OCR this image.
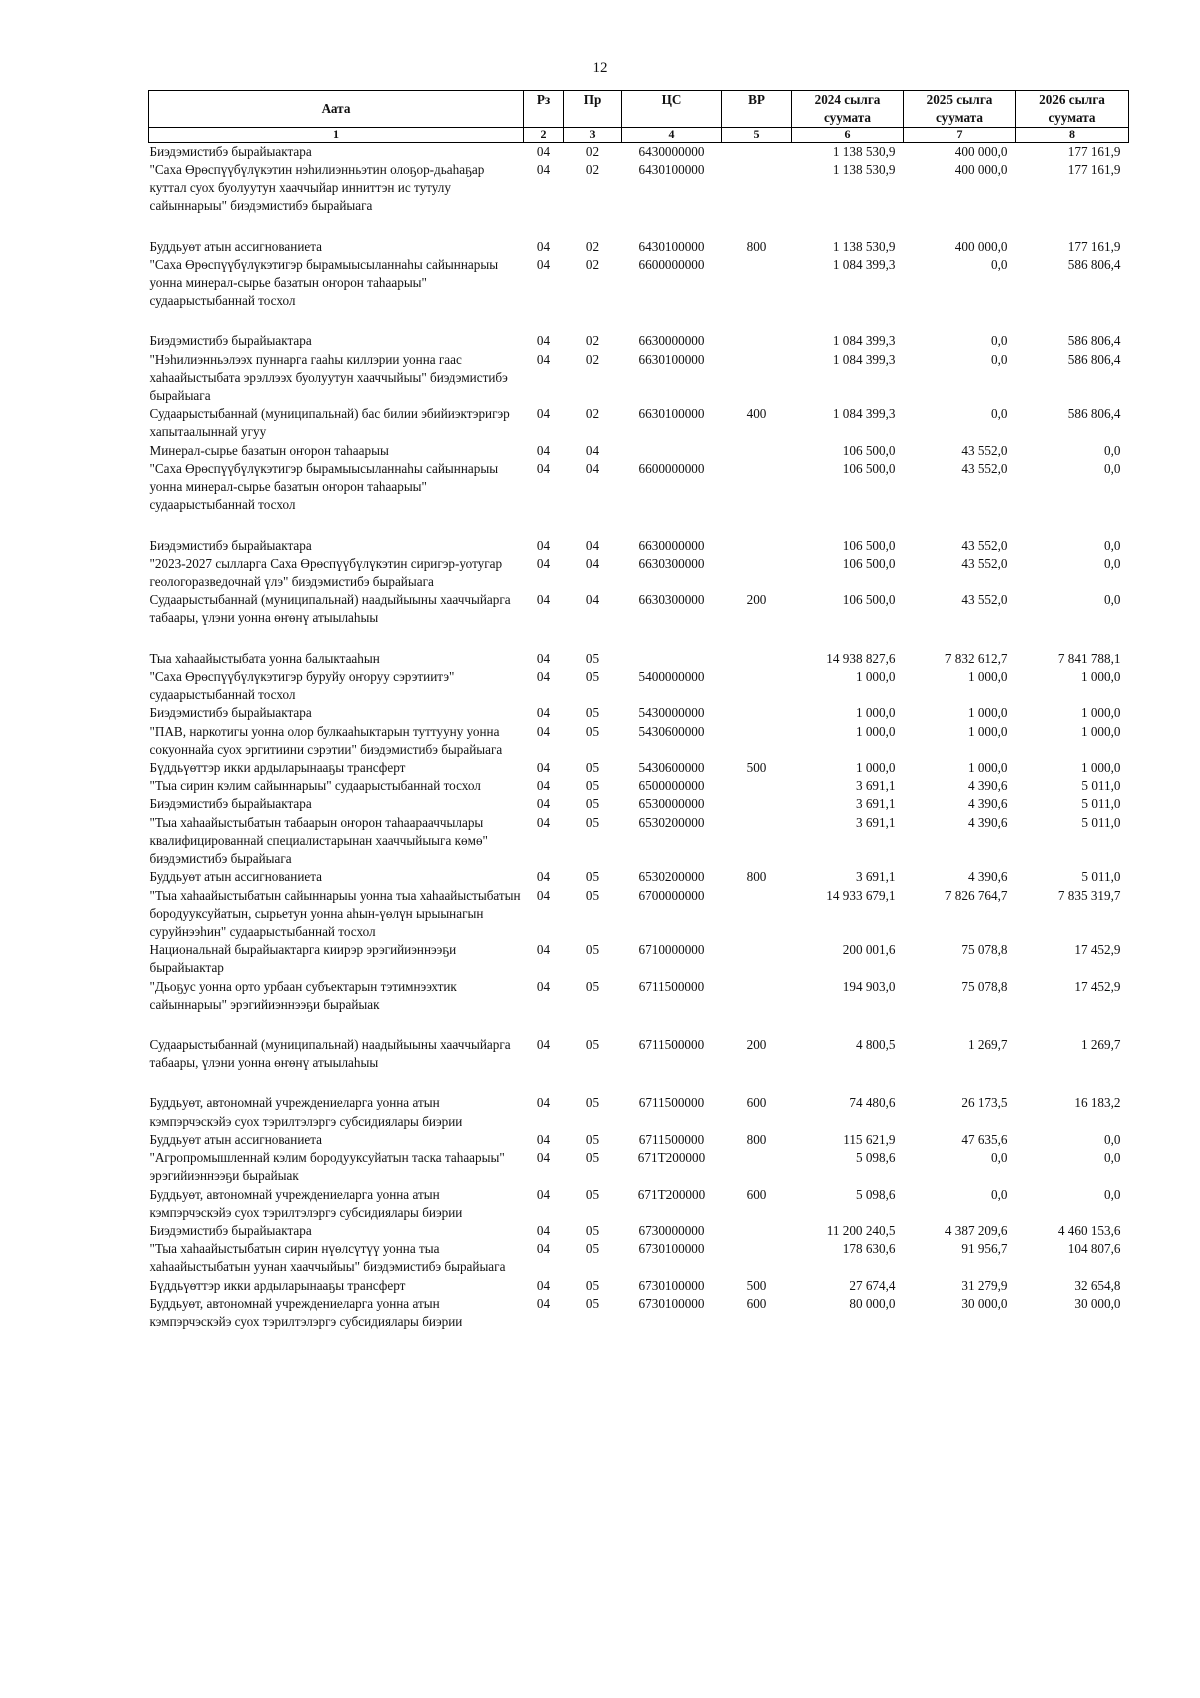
12
Аата	Рз	Пр	ЦС	ВР	2024 сылга суумата	2025 сылга суумата	2026 сылга суумата
1	2	3	4	5	6	7	8
Биэдэмистибэ бырайыактара	04	02	6430000000		1 138 530,9	400 000,0	177 161,9
"Саха Өрөспүүбүлүкэтин нэһилиэнньэтин олоҕор-дьаһаҕар куттал суох буолуутун хааччыйар инниттэн ис тутулу сайыннарыы" биэдэмистибэ бырайыага	04	02	6430100000		1 138 530,9	400 000,0	177 161,9
Буддьуөт атын ассигнованиета	04	02	6430100000	800	1 138 530,9	400 000,0	177 161,9
"Саха Өрөспүүбүлүкэтигэр бырамыысыланнаһы сайыннарыы уонна минерал-сырье базатын оҥорон таһаарыы" судаарыстыбаннай тосхол	04	02	6600000000		1 084 399,3	0,0	586 806,4
Биэдэмистибэ бырайыактара	04	02	6630000000		1 084 399,3	0,0	586 806,4
"Нэһилиэнньэлээх пуннарга гааһы киллэрии уонна гаас хаһаайыстыбата эрэллээх буолуутун хааччыйыы" биэдэмистибэ бырайыага	04	02	6630100000		1 084 399,3	0,0	586 806,4
Судаарыстыбаннай (муниципальнай) бас билии эбийиэктэригэр хапытаалыннай угуу	04	02	6630100000	400	1 084 399,3	0,0	586 806,4
Минерал-сырье базатын оҥорон таһаарыы	04	04			106 500,0	43 552,0	0,0
"Саха Өрөспүүбүлүкэтигэр бырамыысыланнаһы сайыннарыы уонна минерал-сырье базатын оҥорон таһаарыы" судаарыстыбаннай тосхол	04	04	6600000000		106 500,0	43 552,0	0,0
Биэдэмистибэ бырайыактара	04	04	6630000000		106 500,0	43 552,0	0,0
"2023-2027 сылларга Саха Өрөспүүбүлүкэтин сиригэр-уотугар геологоразведочнай үлэ" биэдэмистибэ бырайыага	04	04	6630300000		106 500,0	43 552,0	0,0
Судаарыстыбаннай (муниципальнай) наадыйыыны хааччыйарга табаары, үлэни уонна өҥөнү атыылаһыы	04	04	6630300000	200	106 500,0	43 552,0	0,0
Тыа хаһаайыстыбата уонна балыктааһын	04	05			14 938 827,6	7 832 612,7	7 841 788,1
"Саха Өрөспүүбүлүкэтигэр буруйу оҥоруу сэрэтиитэ" судаарыстыбаннай тосхол	04	05	5400000000		1 000,0	1 000,0	1 000,0
Биэдэмистибэ бырайыактара	04	05	5430000000		1 000,0	1 000,0	1 000,0
"ПАВ, наркотигы уонна олор булкааһыктарын туттууну уонна сокуоннайа суох эргитиини сэрэтии" биэдэмистибэ бырайыага	04	05	5430600000		1 000,0	1 000,0	1 000,0
Бүддьүөттэр икки ардыларынааҕы трансферт	04	05	5430600000	500	1 000,0	1 000,0	1 000,0
"Тыа сирин кэлим сайыннарыы" судаарыстыбаннай тосхол	04	05	6500000000		3 691,1	4 390,6	5 011,0
Биэдэмистибэ бырайыактара	04	05	6530000000		3 691,1	4 390,6	5 011,0
"Тыа хаһаайыстыбатын табаарын оҥорон таһаарааччылары квалифицированнай специалистарынан хааччыйыыга көмө" биэдэмистибэ бырайыага	04	05	6530200000		3 691,1	4 390,6	5 011,0
Буддьуөт атын ассигнованиета	04	05	6530200000	800	3 691,1	4 390,6	5 011,0
"Тыа хаһаайыстыбатын сайыннарыы уонна тыа хаһаайыстыбатын бородууксуйатын, сырьетун уонна аһын-үөлүн ырыынагын суруйнээһин" судаарыстыбаннай тосхол	04	05	6700000000		14 933 679,1	7 826 764,7	7 835 319,7
Национальнай бырайыактарга киирэр эрэгийиэннээҕи бырайыактар	04	05	6710000000		200 001,6	75 078,8	17 452,9
"Дьоҕус уонна орто урбаан субъектарын тэтимнээхтик сайыннарыы" эрэгийиэннээҕи бырайыак	04	05	6711500000		194 903,0	75 078,8	17 452,9
Судаарыстыбаннай (муниципальнай) наадыйыыны хааччыйарга табаары, үлэни уонна өҥөнү атыылаһыы	04	05	6711500000	200	4 800,5	1 269,7	1 269,7
Буддьуөт, автономнай учреждениеларга уонна атын кэмпэрчэскэйэ суох тэрилтэлэргэ субсидиялары биэрии	04	05	6711500000	600	74 480,6	26 173,5	16 183,2
Буддьуөт атын ассигнованиета	04	05	6711500000	800	115 621,9	47 635,6	0,0
"Агропромышленнай кэлим бородууксуйатын таска таһаарыы" эрэгийиэннээҕи бырайыак	04	05	671T200000		5 098,6	0,0	0,0
Буддьуөт, автономнай учреждениеларга уонна атын кэмпэрчэскэйэ суох тэрилтэлэргэ субсидиялары биэрии	04	05	671T200000	600	5 098,6	0,0	0,0
Биэдэмистибэ бырайыактара	04	05	6730000000		11 200 240,5	4 387 209,6	4 460 153,6
"Тыа хаһаайыстыбатын сирин нүөлсүтүү уонна тыа хаһаайыстыбатын уунан хааччыйыы" биэдэмистибэ бырайыага	04	05	6730100000		178 630,6	91 956,7	104 807,6
Бүддьүөттэр икки ардыларынааҕы трансферт	04	05	6730100000	500	27 674,4	31 279,9	32 654,8
Буддьуөт, автономнай учреждениеларга уонна атын кэмпэрчэскэйэ суох тэрилтэлэргэ субсидиялары биэрии	04	05	6730100000	600	80 000,0	30 000,0	30 000,0
